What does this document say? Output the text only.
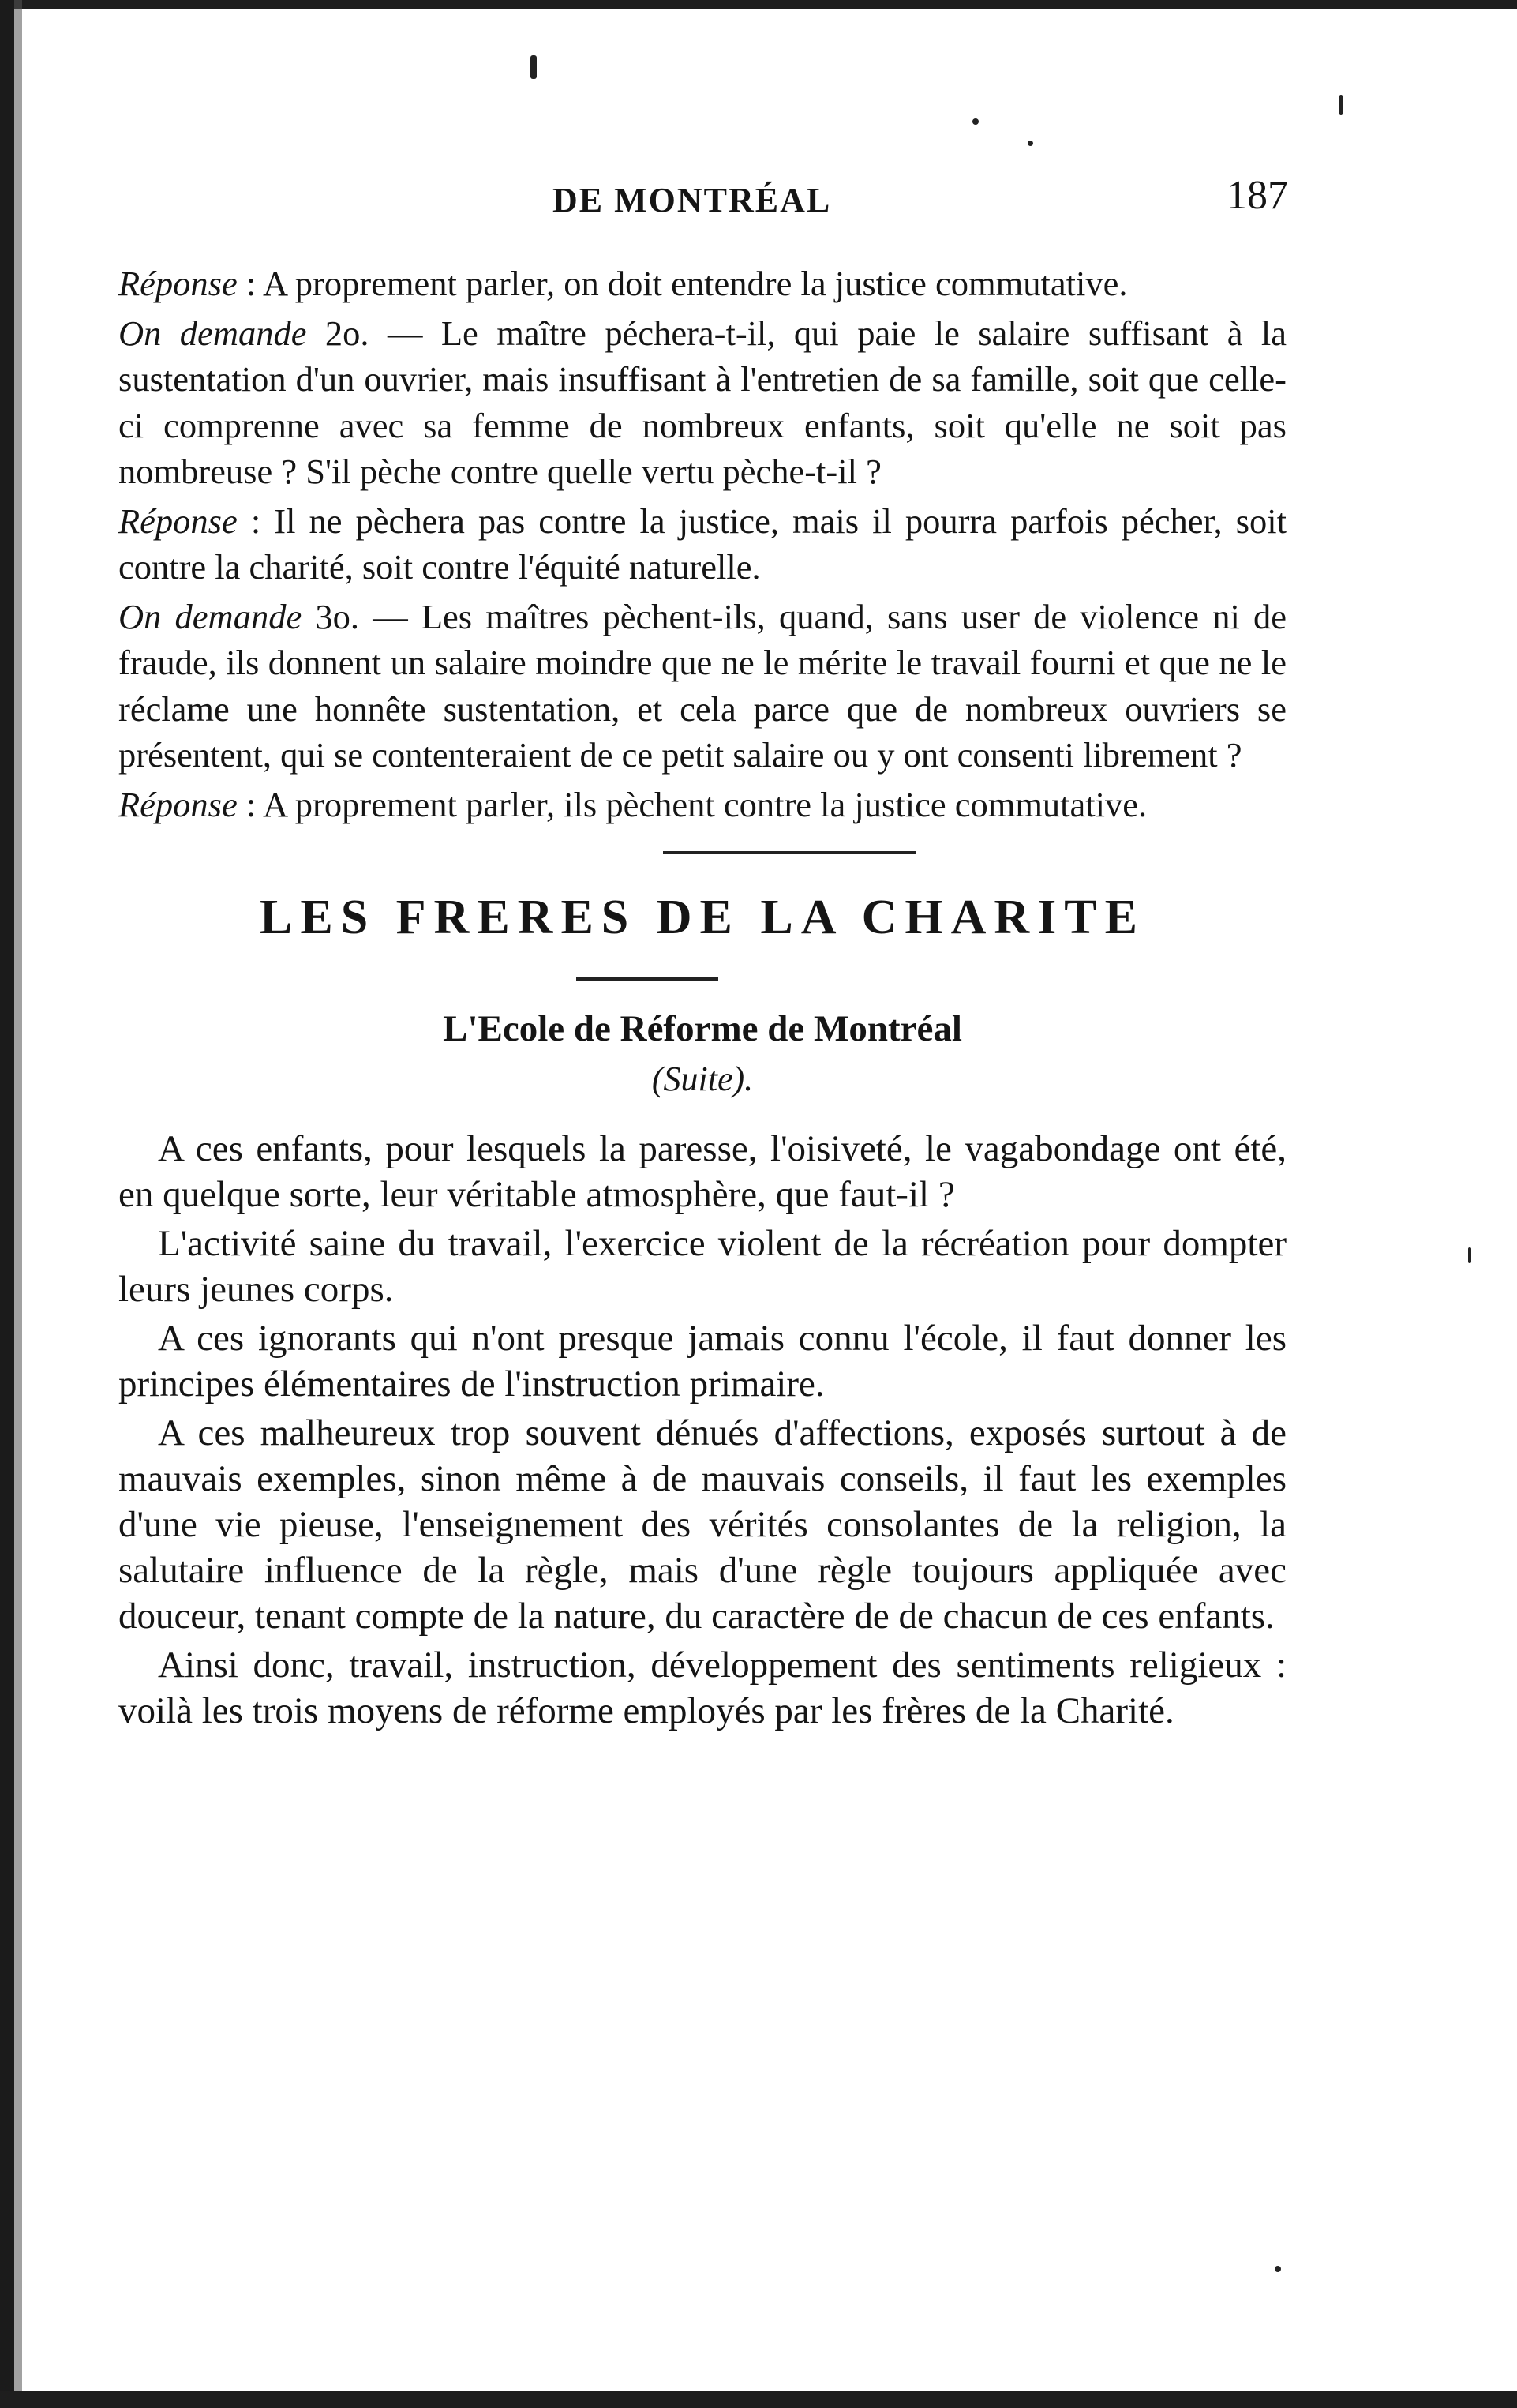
DE MONTRÉAL	187

Réponse : A proprement parler, on doit entendre la justice commutative.

On demande 2o. — Le maître péchera-t-il, qui paie le salaire suffisant à la sustentation d'un ouvrier, mais insuffisant à l'entretien de sa famille, soit que celle-ci comprenne avec sa femme de nombreux enfants, soit qu'elle ne soit pas nombreuse ? S'il pèche contre quelle vertu pèche-t-il ?

Réponse : Il ne pèchera pas contre la justice, mais il pourra parfois pécher, soit contre la charité, soit contre l'équité naturelle.

On demande 3o. — Les maîtres pèchent-ils, quand, sans user de violence ni de fraude, ils donnent un salaire moindre que ne le mérite le travail fourni et que ne le réclame une honnête sustentation, et cela parce que de nombreux ouvriers se présentent, qui se contenteraient de ce petit salaire ou y ont consenti librement ?

Réponse : A proprement parler, ils pèchent contre la justice commutative.

LES FRERES DE LA CHARITE
L'Ecole de Réforme de Montréal
(Suite).

A ces enfants, pour lesquels la paresse, l'oisiveté, le vagabondage ont été, en quelque sorte, leur véritable atmosphère, que faut-il ?

L'activité saine du travail, l'exercice violent de la récréation pour dompter leurs jeunes corps.

A ces ignorants qui n'ont presque jamais connu l'école, il faut donner les principes élémentaires de l'instruction primaire.

A ces malheureux trop souvent dénués d'affections, exposés surtout à de mauvais exemples, sinon même à de mauvais conseils, il faut les exemples d'une vie pieuse, l'enseignement des vérités consolantes de la religion, la salutaire influence de la règle, mais d'une règle toujours appliquée avec douceur, tenant compte de la nature, du caractère de de chacun de ces enfants.

Ainsi donc, travail, instruction, développement des sentiments religieux : voilà les trois moyens de réforme employés par les frères de la Charité.
